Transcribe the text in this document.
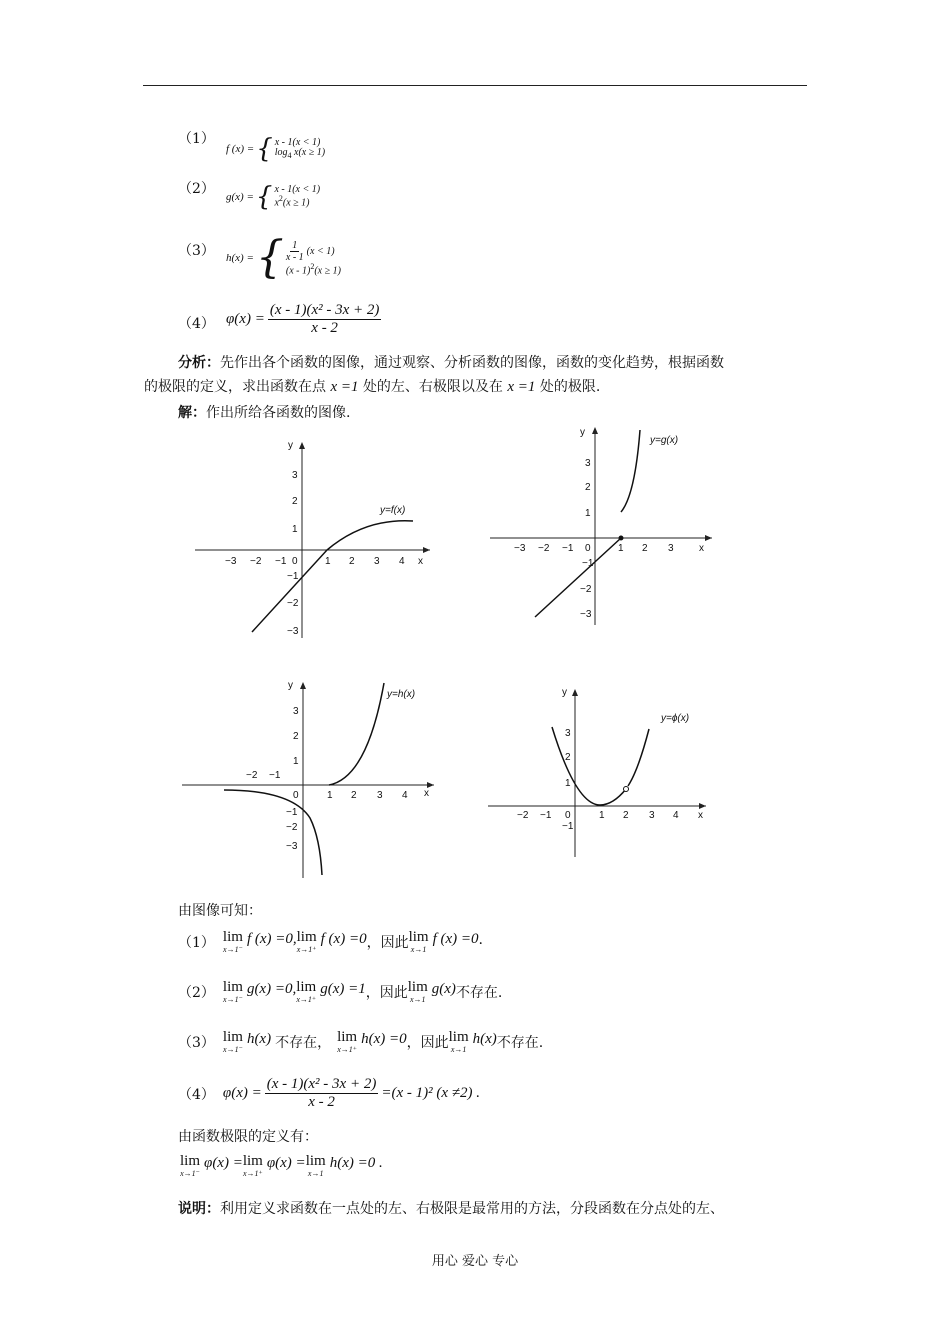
（1）
f (x) = { x - 1(x < 1)
$\log_4 x(x \ge 1)$
（2） g(x) = { x - 1(x < 1)
$x^2(x \ge 1)$
（3） h(x) = { $\frac{1}{x - 1} (x < 1)$
(x - 1)$^2$(x ≥ 1)
（4） $\varphi(x) = \frac{\text{(x - 1)(x² - 3x + 2)}}{x - 2}$
分析：先作出各个函数的图像，通过观察、分析函数的图像，函数的变化趋势，根据函数
的极限的定义，求出函数在点 x =1 处的左、右极限以及在 x =1 处的极限.
解：作出所给各函数的图像.
y
x
−3 −2 −1 0	1 2 3 4
3
2
1
−1
−2
−3
y=f(x)
y
x
−3 −2 −1 0	1 2 3
3
2
1
−1
−2
−3
y=g(x)
y
x
−2 −1
0	1 2 3 4
3
2
1
−1
−2
−3
y=h(x)	y
x
−2 −1 0	1 2 3 4
3
2
1
−1
y=ϕ(x)
由图像可知：
（1） lim
x→1⁻
f (x) =0, lim
x→1⁺
f (x) =0 ，因此 lim
x→1
f (x) =0 .
（2） lim
x→1⁻
g(x) =0, lim
x→1⁺
g(x) =1 ，因此 lim
x→1
g(x) 不存在.
（3） lim
x→1⁻
h(x) 不存在， lim
x→1⁺
h(x) =0 ，因此 lim
x→1
h(x) 不存在.
（4） $\varphi(x) = \frac{\text{(x - 1)(x² - 3x + 2)}}{x - 2} =(x - 1)^2$ (x ≠2) .
由函数极限的定义有：
lim
x→1⁻
φ(x) = lim
x→1⁺
φ(x) = lim
x→1
h(x) =0 .
说明：利用定义求函数在一点处的左、右极限是最常用的方法，分段函数在分点处的左、
用心 爱心 专心
